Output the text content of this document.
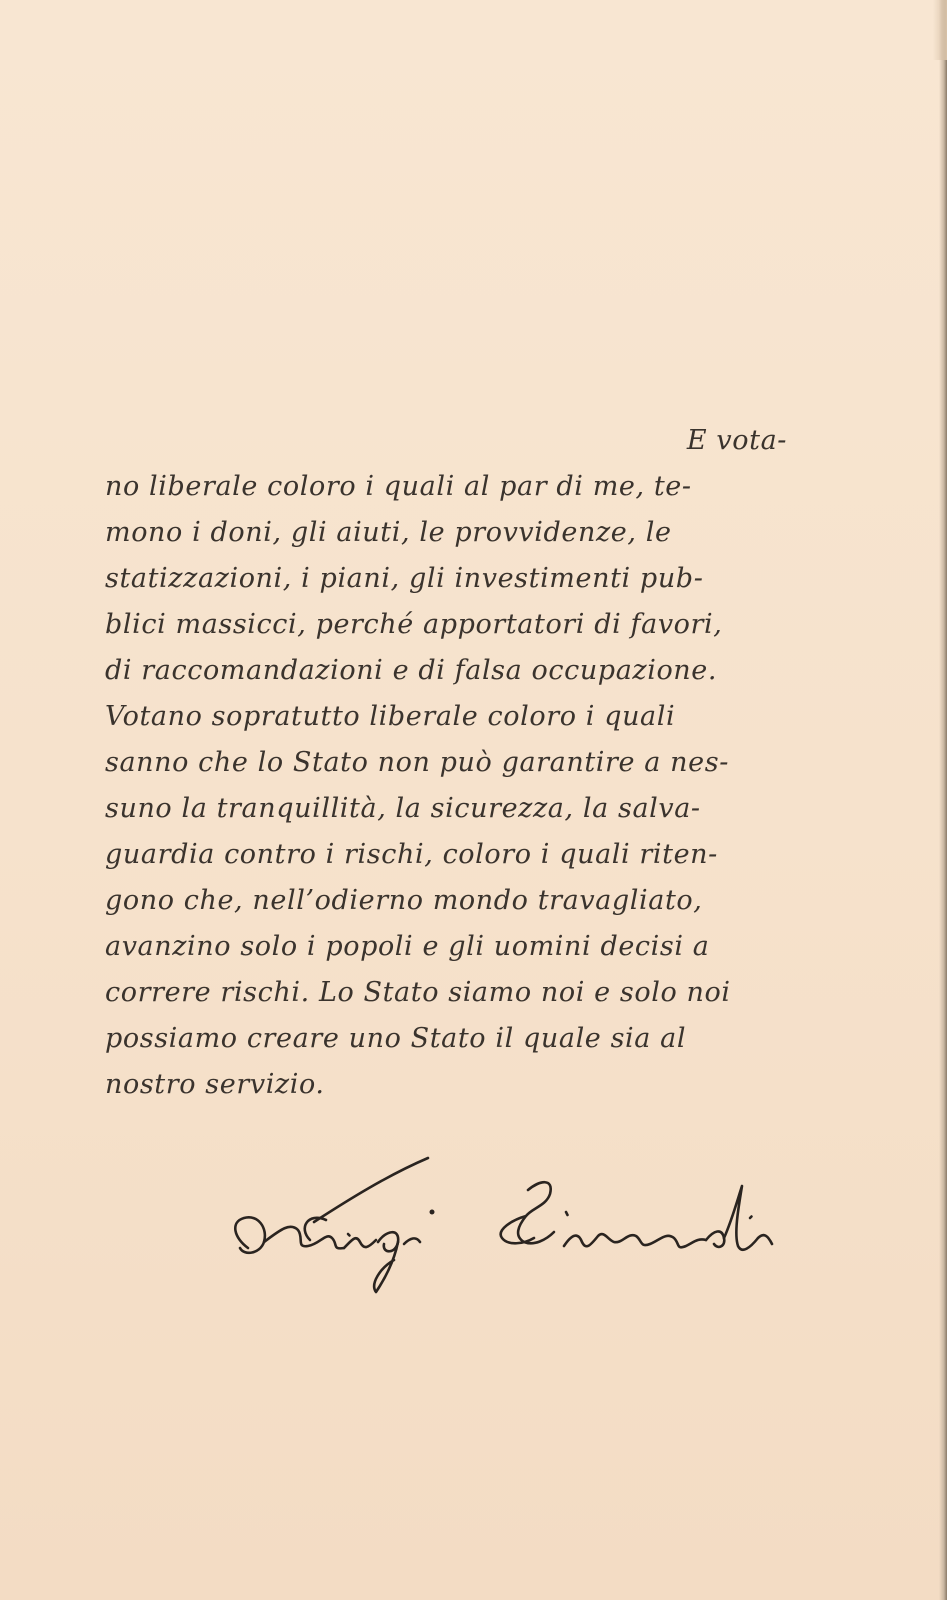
E vota-
no liberale coloro i quali al par di me, te-
mono i doni, gli aiuti, le provvidenze, le
statizzazioni, i piani, gli investimenti pub-
blici massicci, perché apportatori di favori,
di raccomandazioni e di falsa occupazione.
Votano sopratutto liberale coloro i quali
sanno che lo Stato non può garantire a nes-
suno la tranquillità, la sicurezza, la salva-
guardia contro i rischi, coloro i quali riten-
gono che, nell’odierno mondo travagliato,
avanzino solo i popoli e gli uomini decisi a
correre rischi. Lo Stato siamo noi e solo noi
possiamo creare uno Stato il quale sia al
nostro servizio.
